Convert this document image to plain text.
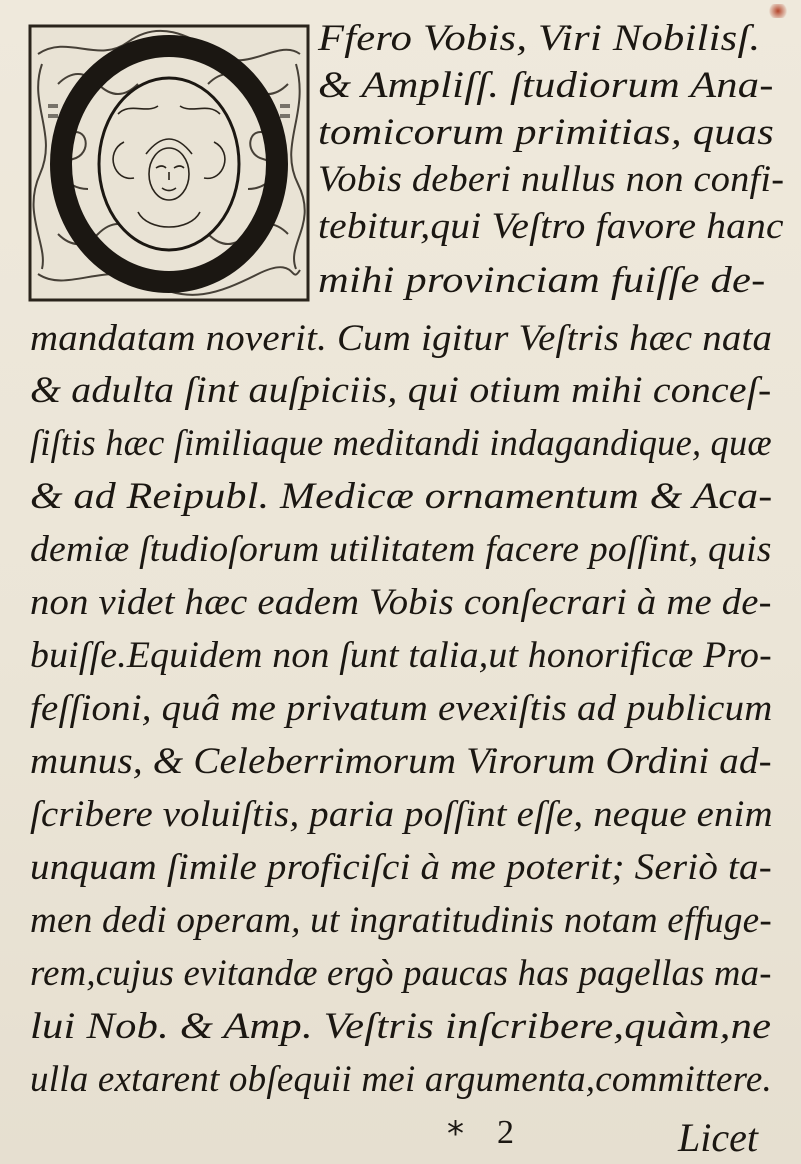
Ffero Vobis, Viri Nobilisſ.
& Ampliſſ. ſtudiorum Ana-
tomicorum primitias, quas
Vobis deberi nullus non confi-
tebitur,qui Veſtro favore hanc
mihi provinciam fuiſſe de-
mandatam noverit. Cum igitur Veſtris hæc nata
& adulta ſint auſpiciis, qui otium mihi conceſ-
ſiſtis hæc ſimiliaque meditandi indagandique, quæ
& ad Reipubl. Medicæ ornamentum & Aca-
demiæ ſtudioſorum utilitatem facere poſſint, quis
non videt hæc eadem Vobis conſecrari à me de-
buiſſe.Equidem non ſunt talia,ut honorificæ Pro-
feſſioni, quâ me privatum evexiſtis ad publicum
munus, & Celeberrimorum Virorum Ordini ad-
ſcribere voluiſtis, paria poſſint eſſe, neque enim
unquam ſimile proficiſci à me poterit; Seriò ta-
men dedi operam, ut ingratitudinis notam effuge-
rem,cujus evitandæ ergò paucas has pagellas ma-
lui Nob. & Amp. Veſtris inſcribere,quàm,ne
ulla extarent obſequii mei argumenta,committere.
* 2	Licet
